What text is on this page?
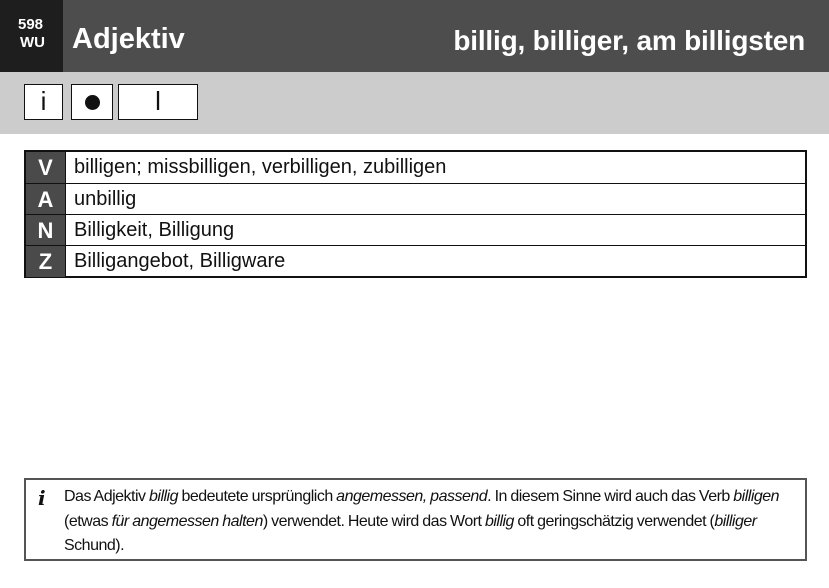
598
WU Adjektiv	billig, billiger, am billigsten
i	l
V	billigen; missbilligen, verbilligen, zubilligen
A	unbillig
N	Billigkeit, Billigung
Z	Billigangebot, Billigware
i Das Adjektiv billig bedeutete ursprünglich angemessen, passend. In diesem Sinne wird auch das Verb billigen (etwas für angemessen halten) verwendet. Heute wird das Wort billig oft geringschätzig verwendet (billiger Schund).
